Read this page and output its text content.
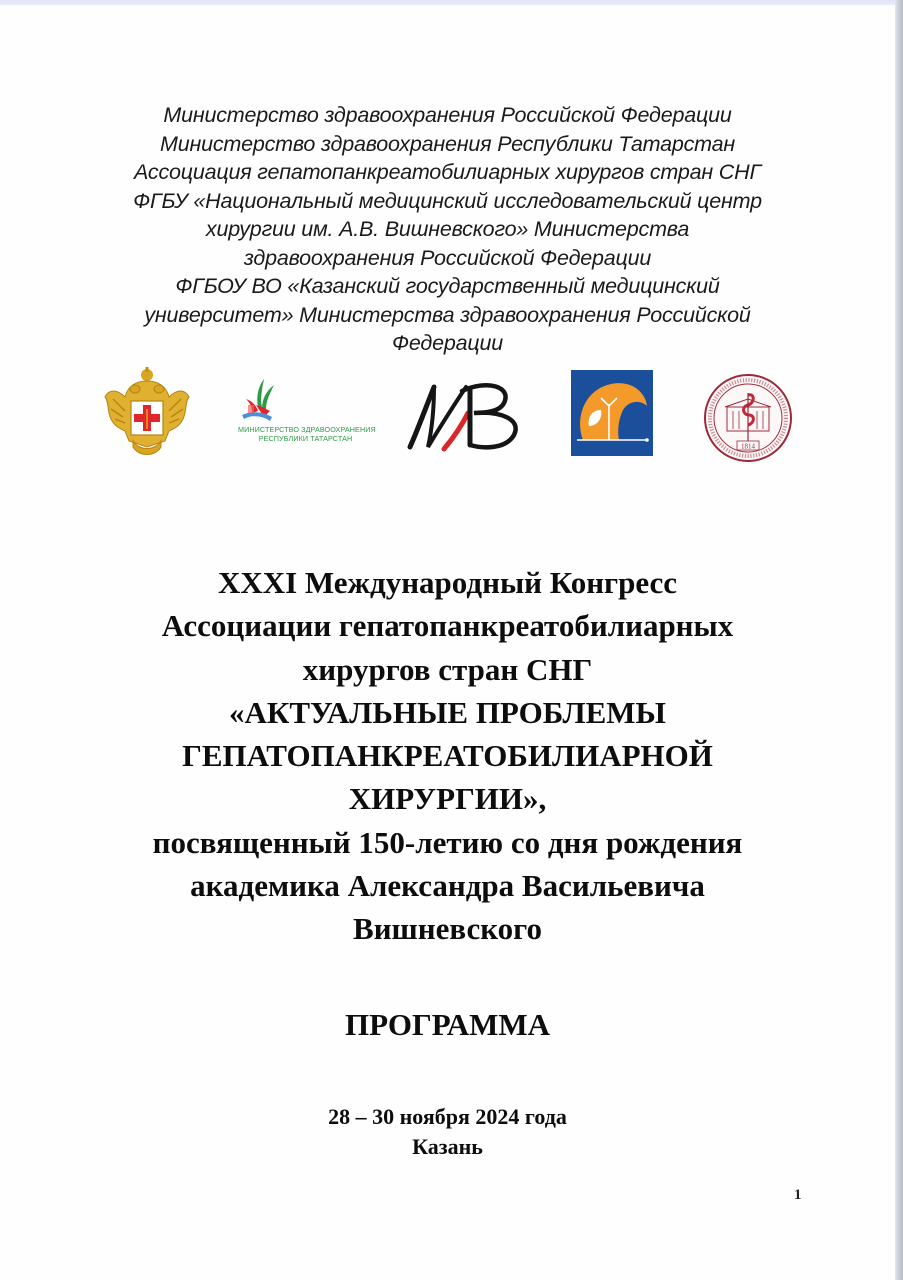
Министерство здравоохранения Российской Федерации
Министерство здравоохранения Республики Татарстан
Ассоциация гепатопанкреатобилиарных хирургов стран СНГ
ФГБУ «Национальный медицинский исследовательский центр
хирургии им. А.В. Вишневского» Министерства
здравоохранения Российской Федерации
ФГБОУ ВО «Казанский государственный медицинский
университет» Министерства здравоохранения Российской
Федерации
МИНИСТЕРСТВО ЗДРАВООХРАНЕНИЯ
РЕСПУБЛИКИ ТАТАРСТАН
1814
XXXI Международный Конгресс
Ассоциации гепатопанкреатобилиарных
хирургов стран СНГ
«АКТУАЛЬНЫЕ ПРОБЛЕМЫ
ГЕПАТОПАНКРЕАТОБИЛИАРНОЙ
ХИРУРГИИ»,
посвященный 150-летию со дня рождения
академика Александра Васильевича
Вишневского
ПРОГРАММА
28 – 30 ноября 2024 года
Казань
1
